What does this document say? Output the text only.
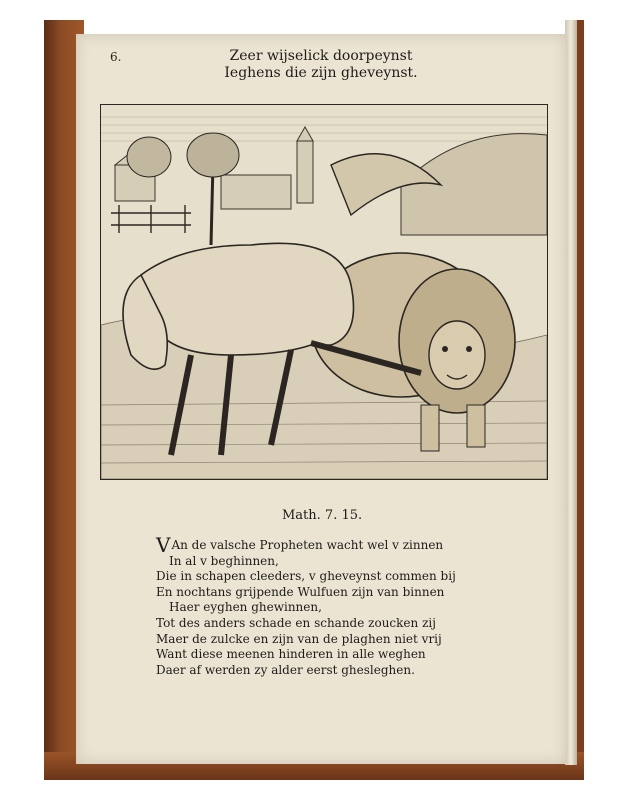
6.	Zeer wijselick doorpeynst
Ieghens die zijn gheveynst.
Math. 7. 15.
VAn de valsche Propheten wacht wel v zinnen
In al v beghinnen,
Die in schapen cleeders, v gheveynst commen bij
En nochtans grijpende Wulfuen zijn van binnen
Haer eyghen ghewinnen,
Tot des anders schade en schande zoucken zij
Maer de zulcke en zijn van de plaghen niet vrij
Want diese meenen hinderen in alle weghen
Daer af werden zy alder eerst ghesleghen.
